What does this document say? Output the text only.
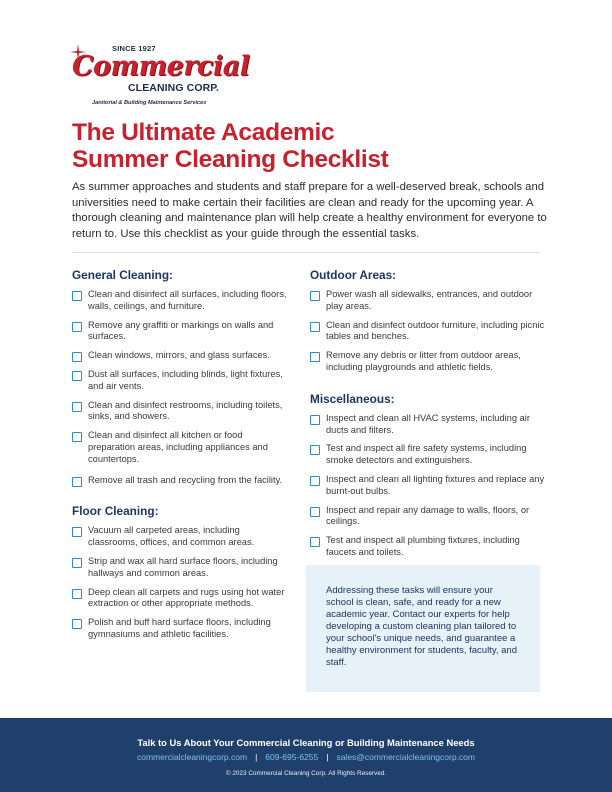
SINCE 1927
Commercial
CLEANING CORP.
Janitorial & Building Maintenance Services
The Ultimate Academic
Summer Cleaning Checklist

As summer approaches and students and staff prepare for a well-deserved break, schools and universities need to make certain their facilities are clean and ready for the upcoming year. A thorough cleaning and maintenance plan will help create a healthy environment for everyone to return to. Use this checklist as your guide through the essential tasks.

General Cleaning:
Clean and disinfect all surfaces, including floors, walls, ceilings, and furniture.
Remove any graffiti or markings on walls and surfaces.
Clean windows, mirrors, and glass surfaces.
Dust all surfaces, including blinds, light fixtures, and air vents.
Clean and disinfect restrooms, including toilets, sinks, and showers.
Clean and disinfect all kitchen or food preparation areas, including appliances and countertops.
Remove all trash and recycling from the facility.
Floor Cleaning:
Vacuum all carpeted areas, including classrooms, offices, and common areas.
Strip and wax all hard surface floors, including hallways and common areas.
Deep clean all carpets and rugs using hot water extraction or other appropriate methods.
Polish and buff hard surface floors, including gymnasiums and athletic facilities.
Outdoor Areas:
Power wash all sidewalks, entrances, and outdoor play areas.
Clean and disinfect outdoor furniture, including picnic tables and benches.
Remove any debris or litter from outdoor areas, including playgrounds and athletic fields.
Miscellaneous:
Inspect and clean all HVAC systems, including air ducts and filters.
Test and inspect all fire safety systems, including smoke detectors and extinguishers.
Inspect and clean all lighting fixtures and replace any burnt-out bulbs.
Inspect and repair any damage to walls, floors, or ceilings.
Test and inspect all plumbing fixtures, including faucets and toilets.

Addressing these tasks will ensure your school is clean, safe, and ready for a new academic year. Contact our experts for help developing a custom cleaning plan tailored to your school's unique needs, and guarantee a healthy environment for students, faculty, and staff.

Talk to Us About Your Commercial Cleaning or Building Maintenance Needs
commercialcleaningcorp.com | 609-695-6255 | sales@commercialcleaningcorp.com
© 2023 Commercial Cleaning Corp. All Rights Reserved.
